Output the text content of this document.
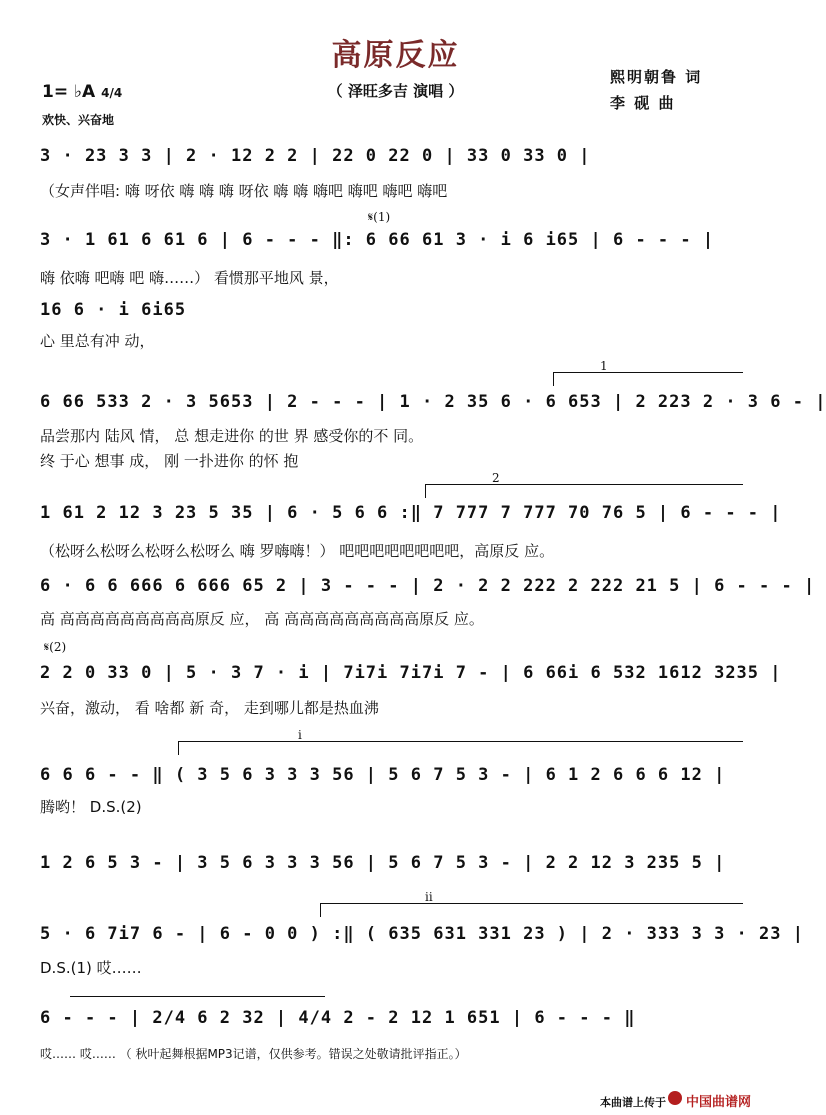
高原反应
（ 泽旺多吉 演唱 ）
熙明朝鲁 词
李 砚 曲
1= ♭A 4/4
欢快、兴奋地
3 · 23 3 3 | 2 · 12 2 2 | 22 0 22 0 | 33 0 33 0 |
（女声伴唱: 嗨 呀依 嗨 嗨 嗨 呀依 嗨 嗨 嗨吧 嗨吧 嗨吧 嗨吧
𝄋(1)
3 · 1 61 6 61 6 | 6 - - - ‖: 6 66 61 3 · i 6 i65 | 6 - - - |
嗨 依嗨 吧嗨 吧 嗨……） 看惯那平地风 景，
16 6 · i 6i65
心 里总有冲 动，
1
6 66 533 2 · 3 5653 | 2 - - - | 1 · 2 35 6 · 6 653 | 2 223 2 · 3 6 - |
品尝那内 陆风 情， 总 想走进你 的世 界 感受你的不 同。
终 于心 想事 成， 刚 一扑进你 的怀 抱
2
1 61 2 12 3 23 5 35 | 6 · 5 6 6 :‖ 7 777 7 777 70 76 5 | 6 - - - |
（松呀么松呀么松呀么松呀么 嗨 罗嗨嗨！） 吧吧吧吧吧吧吧吧，高原反 应。
6 · 6 6 666 6 666 65 2 | 3 - - - | 2 · 2 2 222 2 222 21 5 | 6 - - - |
高 高高高高高高高高高原反 应， 高 高高高高高高高高高原反 应。
𝄋(2)
2 2 0 33 0 | 5 · 3 7 · i | 7i7i 7i7i 7 - | 6 66i 6 532 1612 3235 |
兴奋，激动， 看 啥都 新 奇， 走到哪儿都是热血沸
i
6 6 6 - - ‖ ( 3 5 6 3 3 3 56 | 5 6 7 5 3 - | 6 1 2 6 6 6 12 |
腾哟！ D.S.(2)
1 2 6 5 3 - | 3 5 6 3 3 3 56 | 5 6 7 5 3 - | 2 2 12 3 235 5 |
ii
5 · 6 7i7 6 - | 6 - 0 0 ) :‖ ( 635 631 331 23 ) | 2 · 333 3 3 · 23 |
D.S.(1) 哎……
6 - - - | 2/4 6 2 32 | 4/4 2 - 2 12 1 651 | 6 - - - ‖
哎…… 哎…… （ 秋叶起舞根据MP3记谱，仅供参考。错误之处敬请批评指正。）
本曲谱上传于 中国曲谱网
